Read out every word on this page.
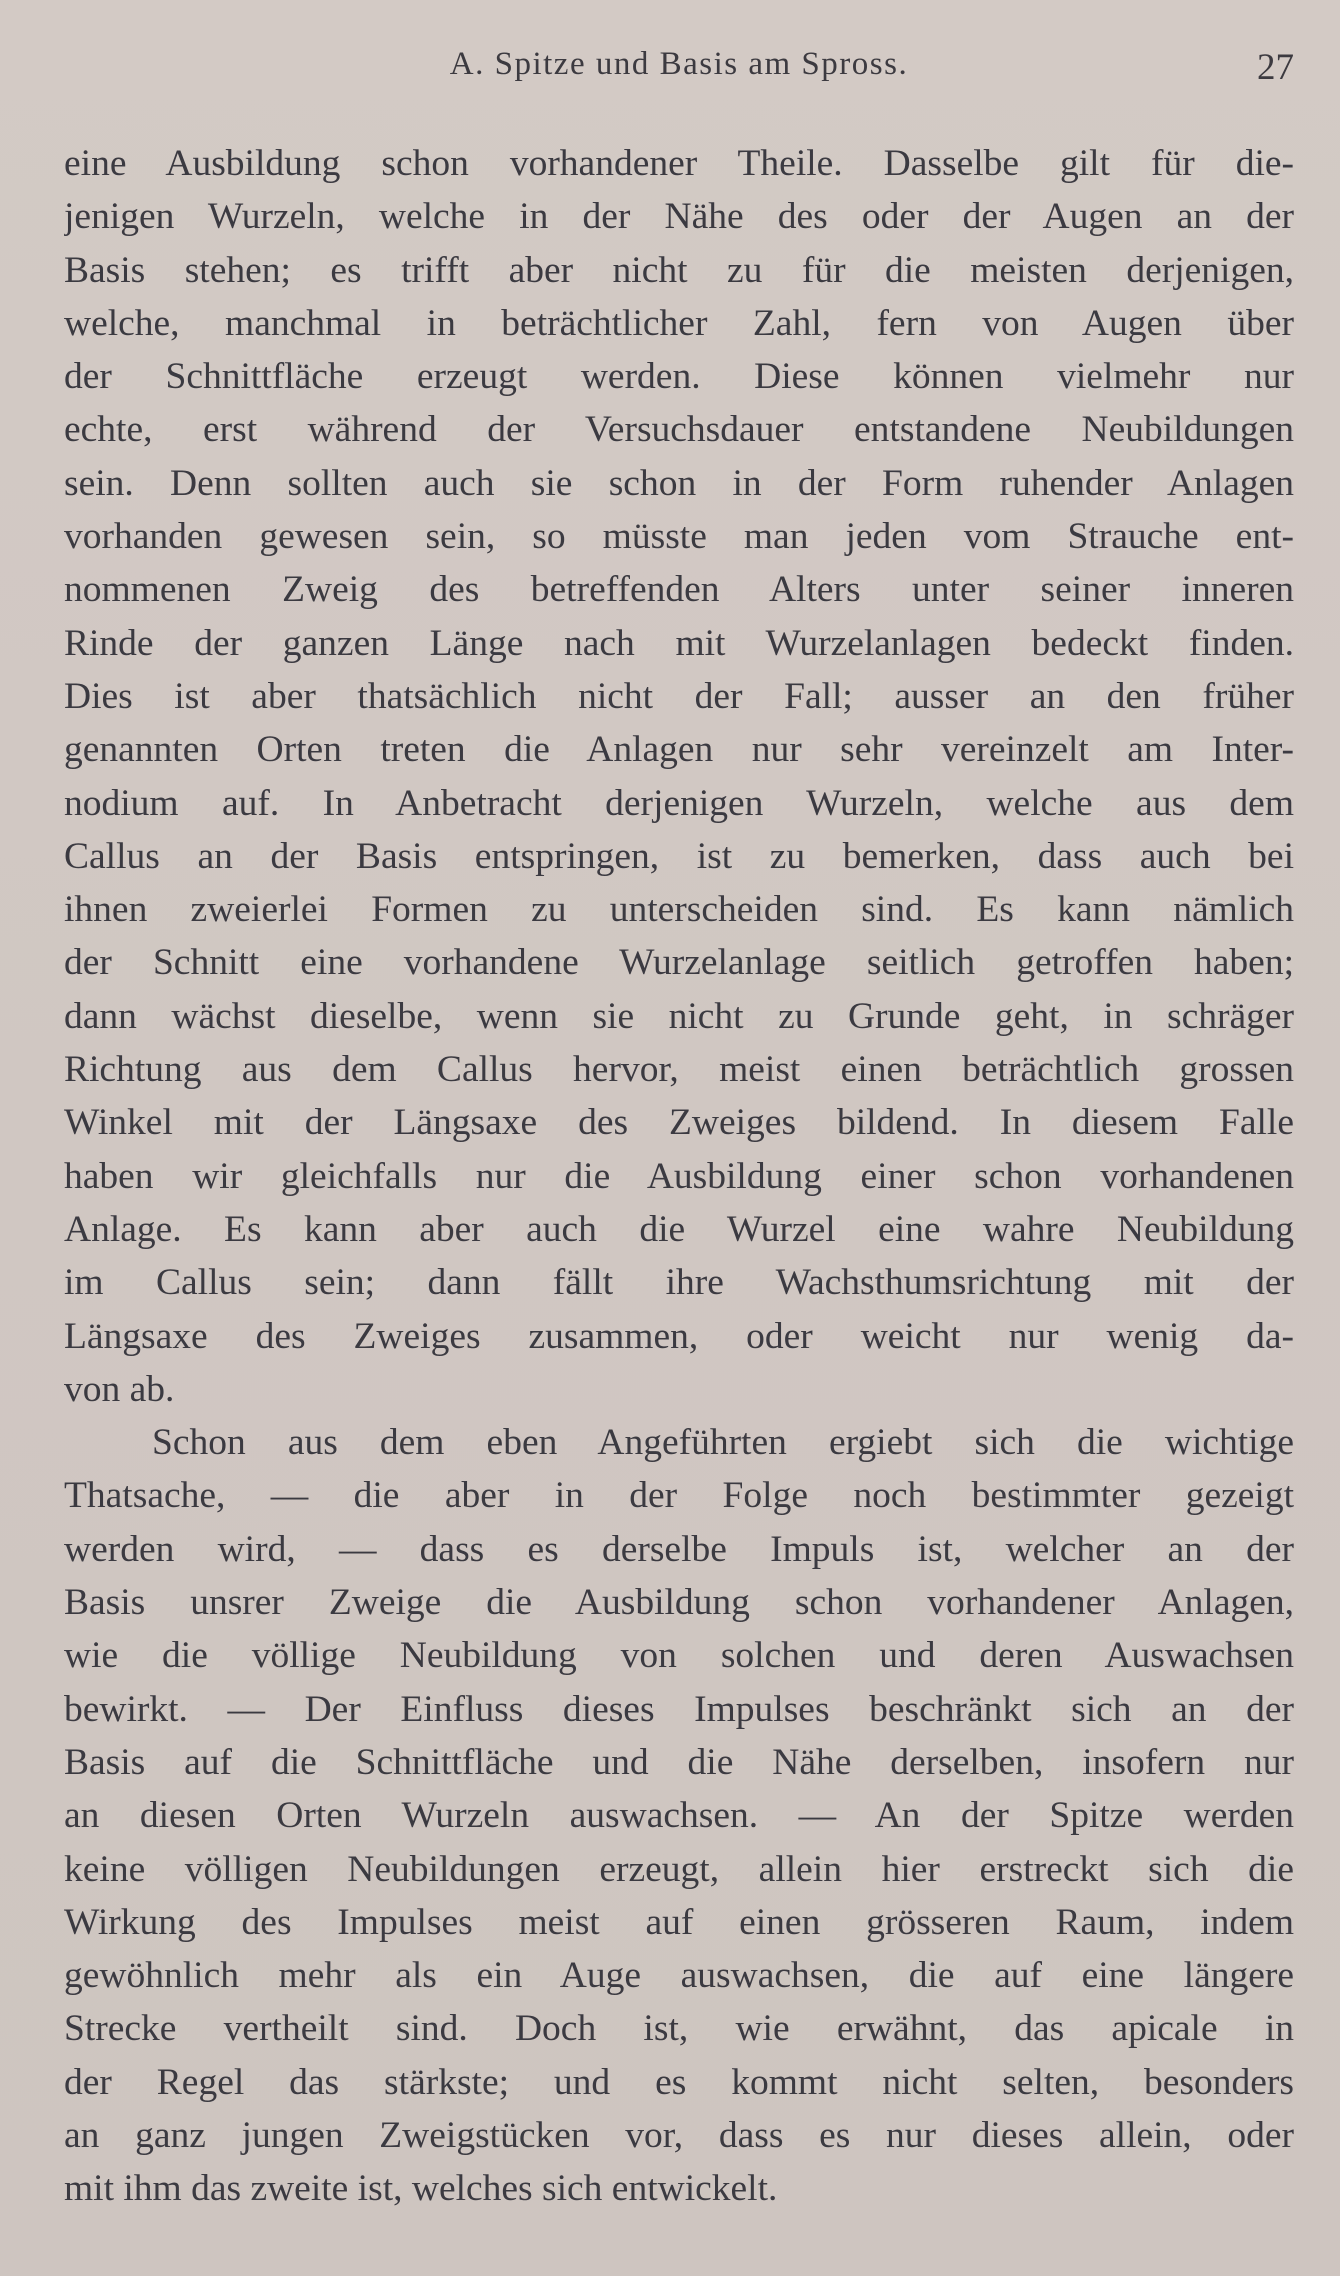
A. Spitze und Basis am Spross.	27
eine Ausbildung schon vorhandener Theile. Dasselbe gilt für die-
jenigen Wurzeln, welche in der Nähe des oder der Augen an der
Basis stehen; es trifft aber nicht zu für die meisten derjenigen,
welche, manchmal in beträchtlicher Zahl, fern von Augen über
der Schnittfläche erzeugt werden. Diese können vielmehr nur
echte, erst während der Versuchsdauer entstandene Neubildungen
sein. Denn sollten auch sie schon in der Form ruhender Anlagen
vorhanden gewesen sein, so müsste man jeden vom Strauche ent-
nommenen Zweig des betreffenden Alters unter seiner inneren
Rinde der ganzen Länge nach mit Wurzelanlagen bedeckt finden.
Dies ist aber thatsächlich nicht der Fall; ausser an den früher
genannten Orten treten die Anlagen nur sehr vereinzelt am Inter-
nodium auf. In Anbetracht derjenigen Wurzeln, welche aus dem
Callus an der Basis entspringen, ist zu bemerken, dass auch bei
ihnen zweierlei Formen zu unterscheiden sind. Es kann nämlich
der Schnitt eine vorhandene Wurzelanlage seitlich getroffen haben;
dann wächst dieselbe, wenn sie nicht zu Grunde geht, in schräger
Richtung aus dem Callus hervor, meist einen beträchtlich grossen
Winkel mit der Längsaxe des Zweiges bildend. In diesem Falle
haben wir gleichfalls nur die Ausbildung einer schon vorhandenen
Anlage. Es kann aber auch die Wurzel eine wahre Neubildung
im Callus sein; dann fällt ihre Wachsthumsrichtung mit der
Längsaxe des Zweiges zusammen, oder weicht nur wenig da-
von ab.
Schon aus dem eben Angeführten ergiebt sich die wichtige
Thatsache, — die aber in der Folge noch bestimmter gezeigt
werden wird, — dass es derselbe Impuls ist, welcher an der
Basis unsrer Zweige die Ausbildung schon vorhandener Anlagen,
wie die völlige Neubildung von solchen und deren Auswachsen
bewirkt. — Der Einfluss dieses Impulses beschränkt sich an der
Basis auf die Schnittfläche und die Nähe derselben, insofern nur
an diesen Orten Wurzeln auswachsen. — An der Spitze werden
keine völligen Neubildungen erzeugt, allein hier erstreckt sich die
Wirkung des Impulses meist auf einen grösseren Raum, indem
gewöhnlich mehr als ein Auge auswachsen, die auf eine längere
Strecke vertheilt sind. Doch ist, wie erwähnt, das apicale in
der Regel das stärkste; und es kommt nicht selten, besonders
an ganz jungen Zweigstücken vor, dass es nur dieses allein, oder
mit ihm das zweite ist, welches sich entwickelt.
